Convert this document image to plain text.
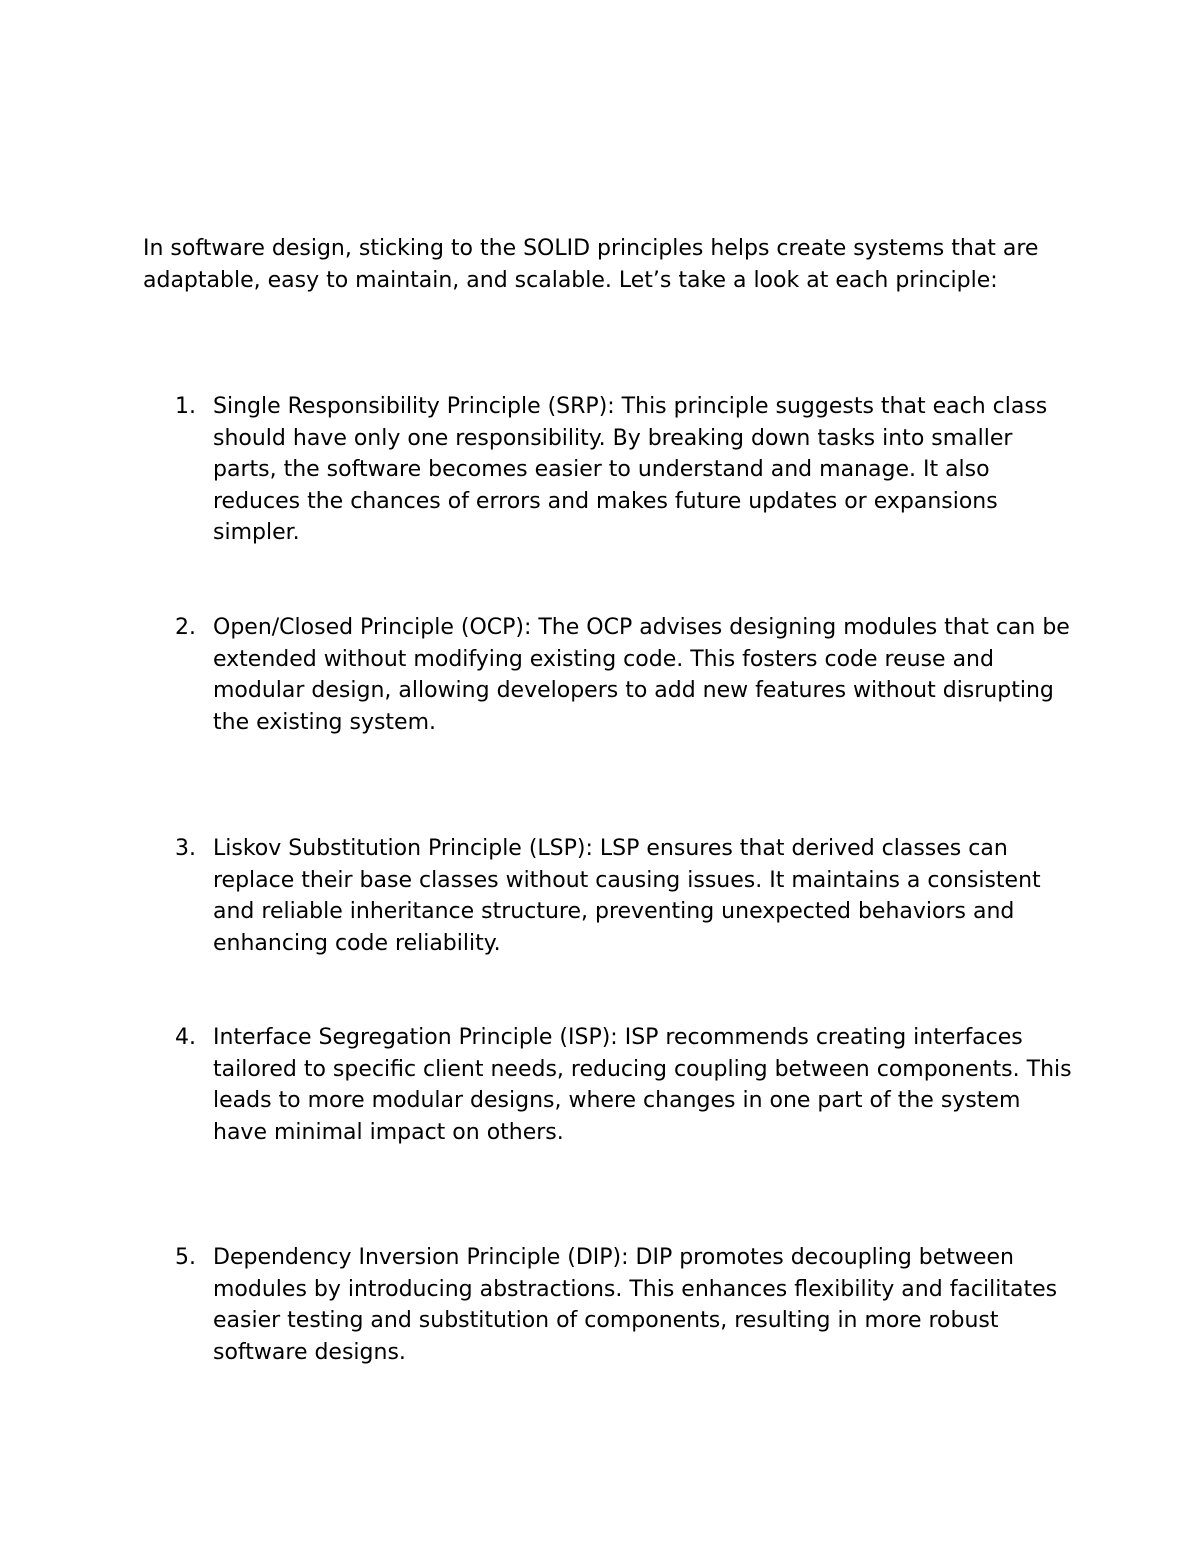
In software design, sticking to the SOLID principles helps create systems that are adaptable, easy to maintain, and scalable. Let’s take a look at each principle:

1. Single Responsibility Principle (SRP): This principle suggests that each class should have only one responsibility. By breaking down tasks into smaller parts, the software becomes easier to understand and manage. It also reduces the chances of errors and makes future updates or expansions simpler.
2. Open/Closed Principle (OCP): The OCP advises designing modules that can be extended without modifying existing code. This fosters code reuse and modular design, allowing developers to add new features without disrupting the existing system.
3. Liskov Substitution Principle (LSP): LSP ensures that derived classes can replace their base classes without causing issues. It maintains a consistent and reliable inheritance structure, preventing unexpected behaviors and enhancing code reliability.
4. Interface Segregation Principle (ISP): ISP recommends creating interfaces tailored to specific client needs, reducing coupling between components. This leads to more modular designs, where changes in one part of the system have minimal impact on others.
5. Dependency Inversion Principle (DIP): DIP promotes decoupling between modules by introducing abstractions. This enhances flexibility and facilitates easier testing and substitution of components, resulting in more robust software designs.
